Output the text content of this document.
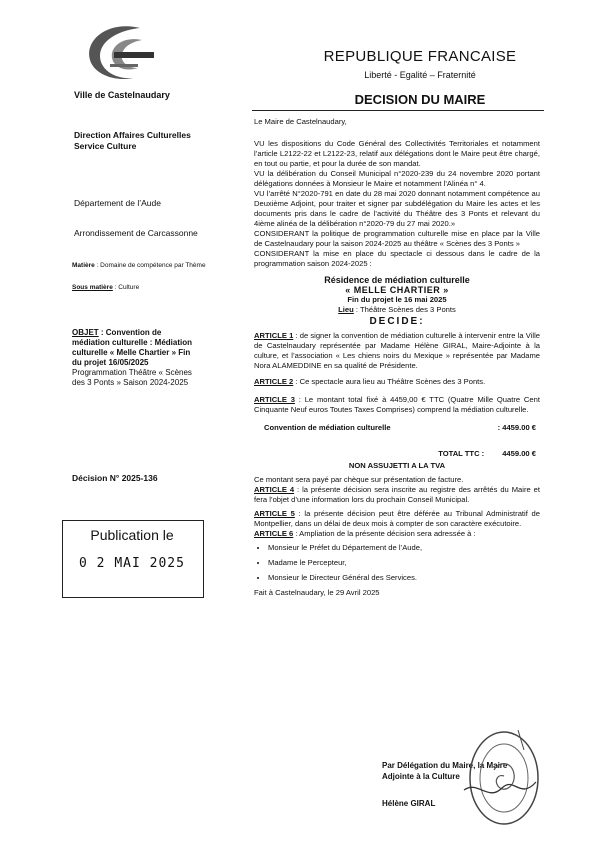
Ville de Castelnaudary
REPUBLIQUE FRANCAISE
Liberté - Egalité – Fraternité
DECISION DU MAIRE
Direction Affaires Culturelles
Service Culture
Département de l’Aude
Arrondissement de Carcassonne
Matière : Domaine de compétence par Thème
Sous matière : Culture
OBJET : Convention de médiation culturelle : Médiation culturelle « Melle Chartier » Fin du projet 16/05/2025
Programmation Théâtre « Scènes des 3 Ponts » Saison 2024-2025
Décision N° 2025-136
Publication le
0 2 MAI 2025
Le Maire de Castelnaudary,
VU les dispositions du Code Général des Collectivités Territoriales et notamment l’article L2122-22 et L2122-23, relatif aux délégations dont le Maire peut être chargé, en tout ou partie, et pour la durée de son mandat.
VU la délibération du Conseil Municipal n°2020-239 du 24 novembre 2020 portant délégations données à Monsieur le Maire et notamment l’Alinéa n° 4.
VU l’arrêté N°2020-791 en date du 28 mai 2020 donnant notamment compétence au Deuxième Adjoint, pour traiter et signer par subdélégation du Maire les actes et les documents pris dans le cadre de l’activité du Théâtre des 3 Ponts et relevant du 4ième alinéa de la délibération n°2020-79 du 27 mai 2020.»
CONSIDERANT la politique de programmation culturelle mise en place par la Ville de Castelnaudary pour la saison 2024-2025 au théâtre « Scènes des 3 Ponts »
CONSIDERANT la mise en place du spectacle ci dessous dans le cadre de la programmation saison 2024-2025 :
Résidence de médiation culturelle
« MELLE CHARTIER »
Fin du projet le 16 mai 2025
Lieu : Théâtre Scènes des 3 Ponts
DECIDE:
ARTICLE 1 : de signer la convention de médiation culturelle à intervenir entre la Ville de Castelnaudary représentée par Madame Hélène GIRAL, Maire-Adjointe à la culture, et l’association « Les chiens noirs du Mexique » représentée par Madame Nora ALAMEDDINE en sa qualité de Présidente.
ARTICLE 2 : Ce spectacle aura lieu au Théâtre Scènes des 3 Ponts.
ARTICLE 3 : Le montant total fixé à 4459,00 € TTC (Quatre Mille Quatre Cent Cinquante Neuf euros Toutes Taxes Comprises) comprend la médiation culturelle.
Convention de médiation culturelle	: 4459.00 €
TOTAL TTC : 4459.00 €
NON ASSUJETTI A LA TVA
Ce montant sera payé par chèque sur présentation de facture.
ARTICLE 4 : la présente décision sera inscrite au registre des arrêtés du Maire et fera l’objet d’une information lors du prochain Conseil Municipal.
ARTICLE 5 : la présente décision peut être déférée au Tribunal Administratif de Montpellier, dans un délai de deux mois à compter de son caractère exécutoire.
ARTICLE 6 : Ampliation de la présente décision sera adressée à :
• Monsieur le Préfet du Département de l’Aude,
• Madame le Percepteur,
• Monsieur le Directeur Général des Services.
Fait à Castelnaudary, le 29 Avril 2025
Par Délégation du Maire, la Maire
Adjointe à la Culture
Hélène GIRAL
